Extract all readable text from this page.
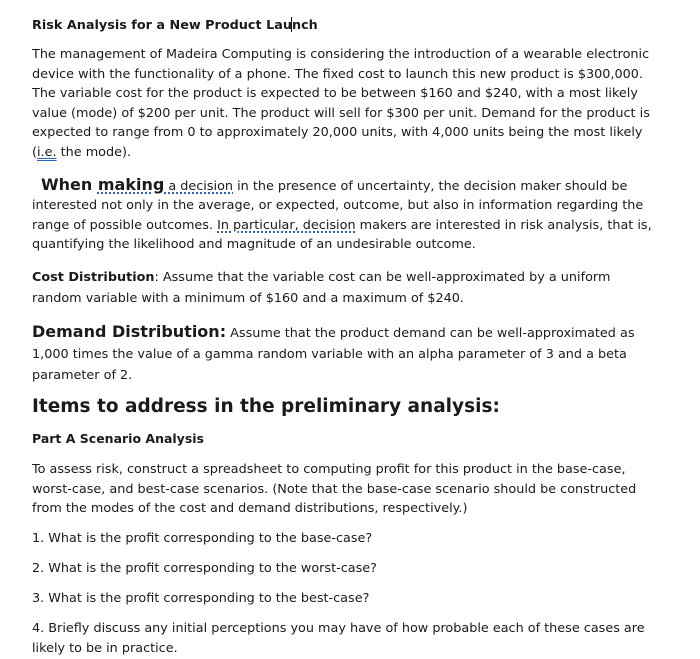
Risk Analysis for a New Product Launch

The management of Madeira Computing is considering the introduction of a wearable electronic device with the functionality of a phone. The fixed cost to launch this new product is $300,000. The variable cost for the product is expected to be between $160 and $240, with a most likely value (mode) of $200 per unit. The product will sell for $300 per unit. Demand for the product is expected to range from 0 to approximately 20,000 units, with 4,000 units being the most likely (i.e. the mode).

When making a decision in the presence of uncertainty, the decision maker should be interested not only in the average, or expected, outcome, but also in information regarding the range of possible outcomes. In particular, decision makers are interested in risk analysis, that is, quantifying the likelihood and magnitude of an undesirable outcome.

Cost Distribution: Assume that the variable cost can be well-approximated by a uniform random variable with a minimum of $160 and a maximum of $240.

Demand Distribution: Assume that the product demand can be well-approximated as 1,000 times the value of a gamma random variable with an alpha parameter of 3 and a beta parameter of 2.

Items to address in the preliminary analysis:
Part A Scenario Analysis

To assess risk, construct a spreadsheet to computing profit for this product in the base-case, worst-case, and best-case scenarios. (Note that the base-case scenario should be constructed from the modes of the cost and demand distributions, respectively.)

1. What is the profit corresponding to the base-case?

2. What is the profit corresponding to the worst-case?

3. What is the profit corresponding to the best-case?

4. Briefly discuss any initial perceptions you may have of how probable each of these cases are likely to be in practice.
